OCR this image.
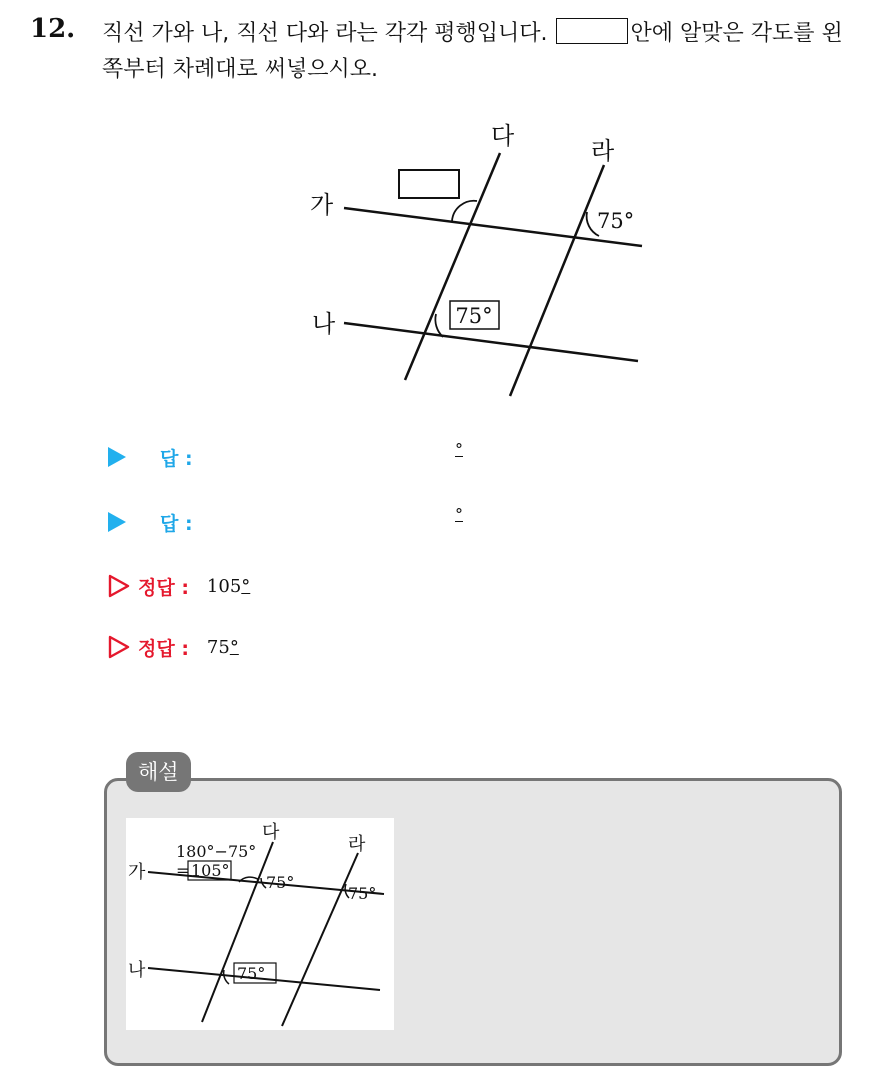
12. 직선 가와 나, 직선 다와 라는 각각 평행입니다.	안에 알맞은 각도를 왼쪽부터 차례대로 써넣으시오.
75°
75°
가
나
다
라
답 :	°
답 :	°
정답 : 105°
정답 : 75°
해설
가
나
다
라
180°−75°
= 105°
75°
75°
75°
